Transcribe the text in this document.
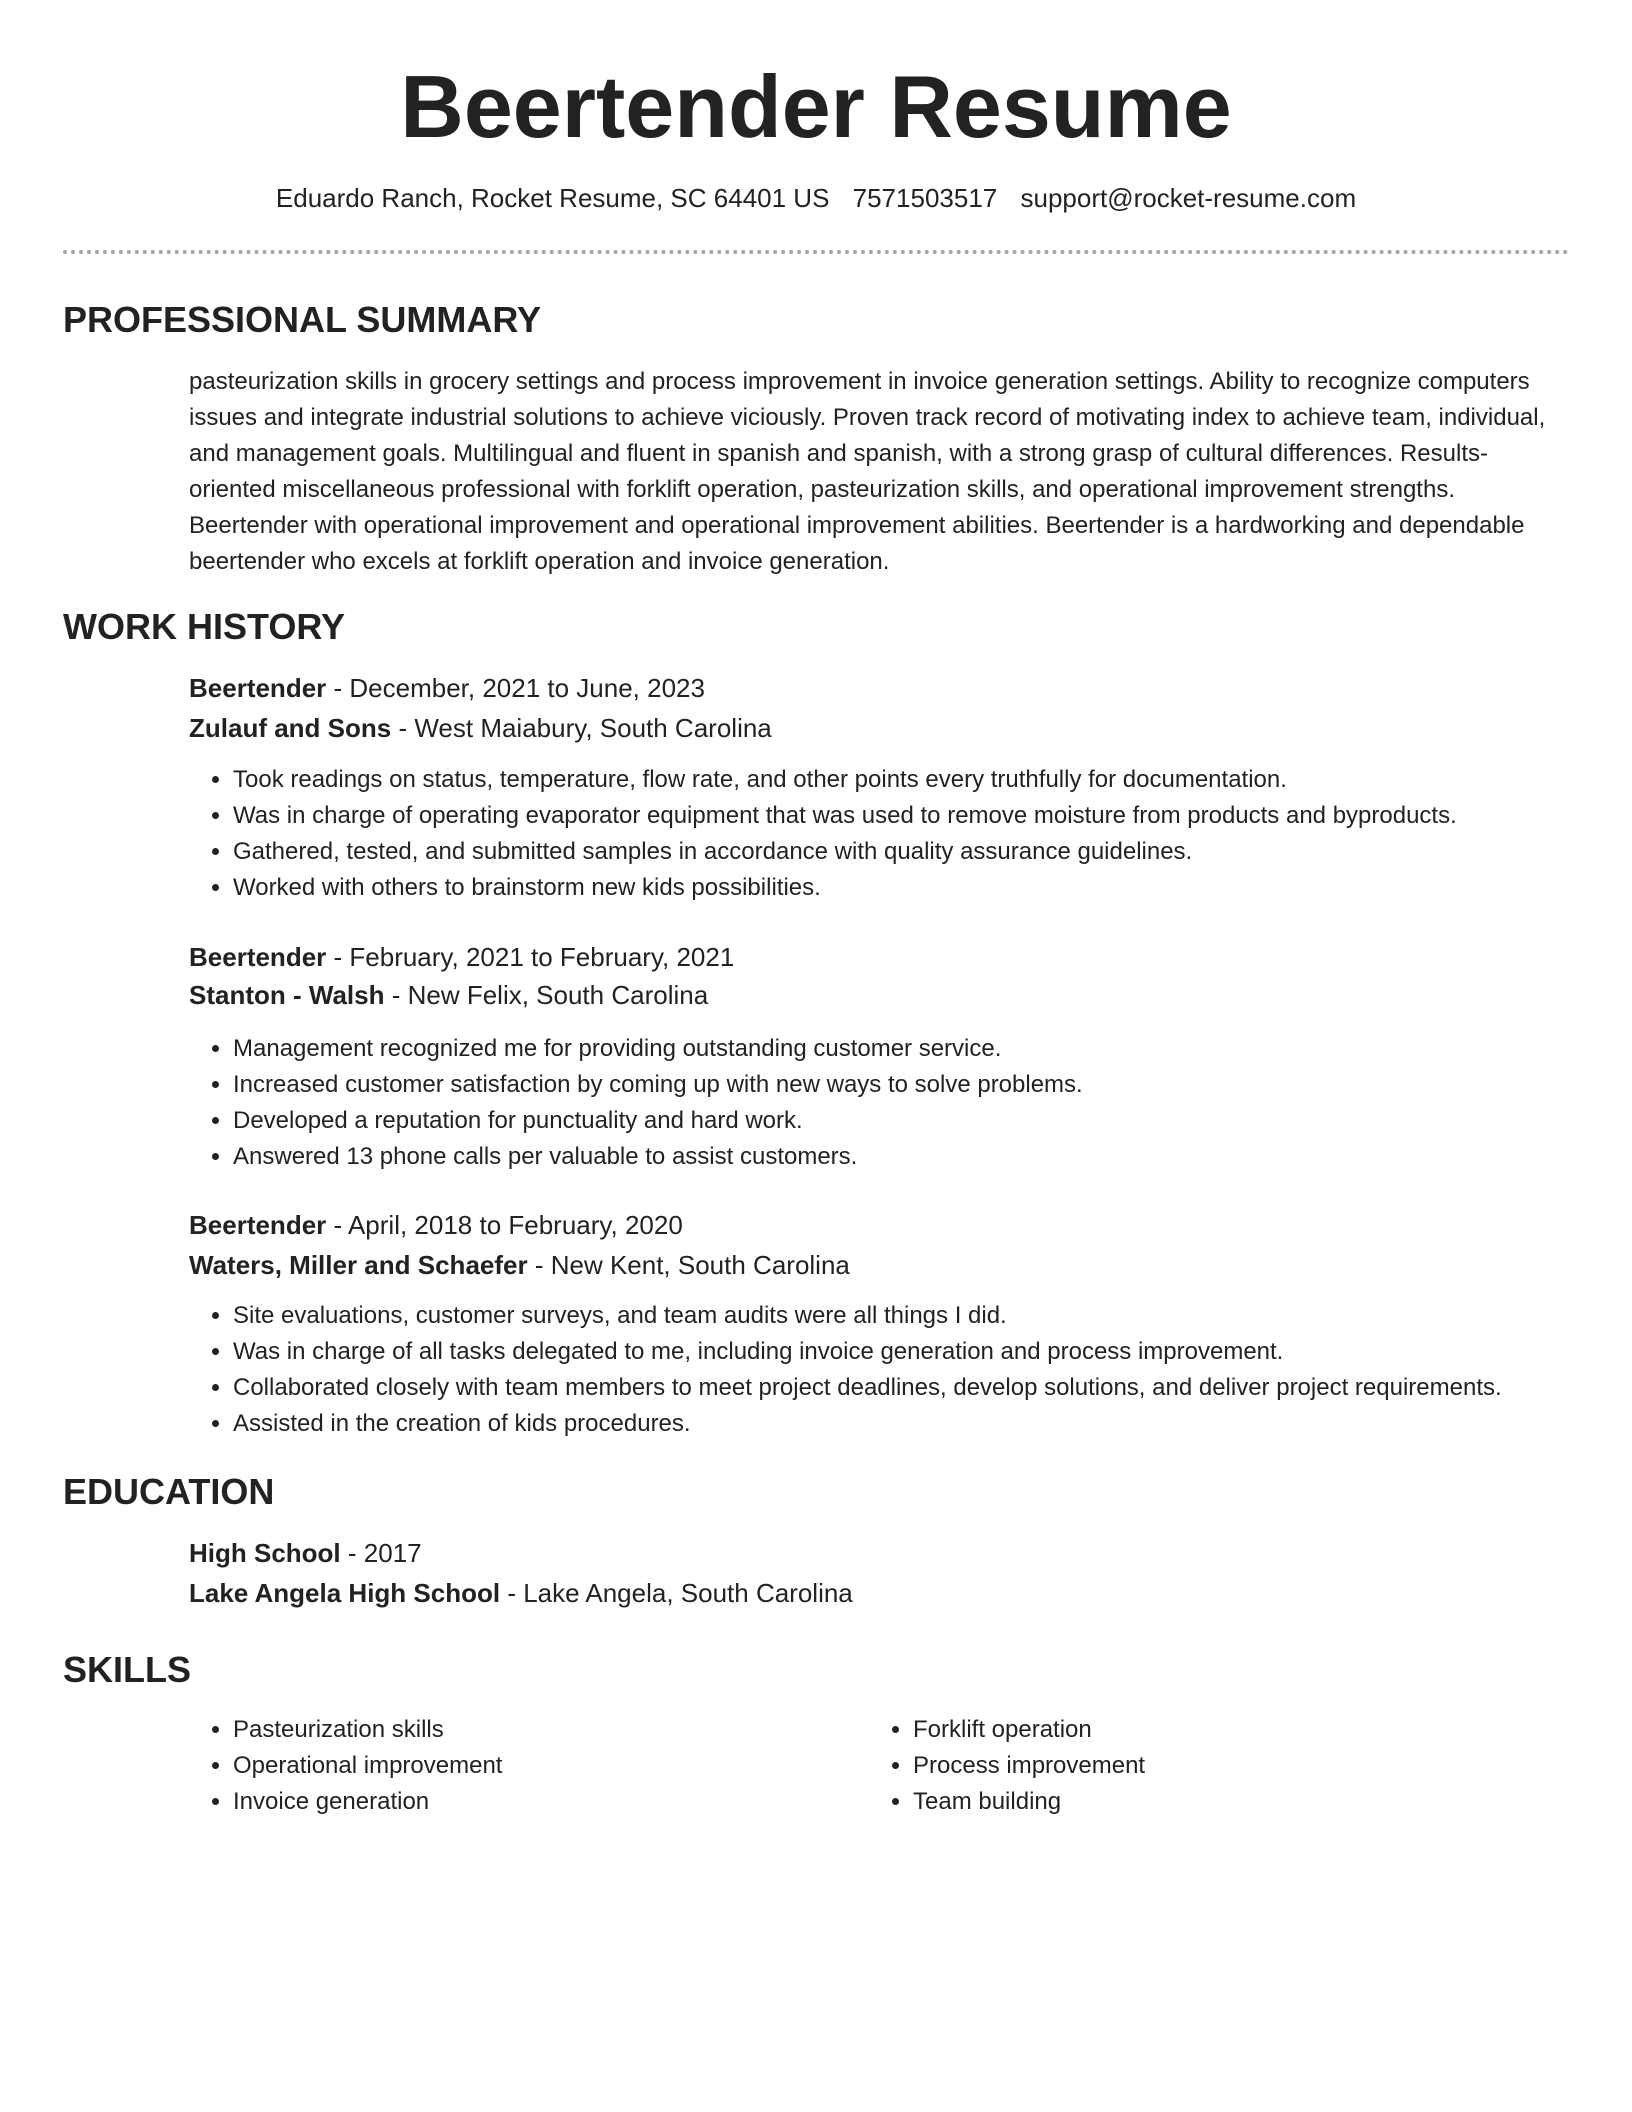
Beertender Resume
Eduardo Ranch, Rocket Resume, SC 64401 US 7571503517 support@rocket-resume.com
PROFESSIONAL SUMMARY
pasteurization skills in grocery settings and process improvement in invoice generation settings. Ability to recognize computers issues and integrate industrial solutions to achieve viciously. Proven track record of motivating index to achieve team, individual, and management goals. Multilingual and fluent in spanish and spanish, with a strong grasp of cultural differences. Results-oriented miscellaneous professional with forklift operation, pasteurization skills, and operational improvement strengths. Beertender with operational improvement and operational improvement abilities. Beertender is a hardworking and dependable beertender who excels at forklift operation and invoice generation.
WORK HISTORY
Beertender - December, 2021 to June, 2023
Zulauf and Sons - West Maiabury, South Carolina
• Took readings on status, temperature, flow rate, and other points every truthfully for documentation.
• Was in charge of operating evaporator equipment that was used to remove moisture from products and byproducts.
• Gathered, tested, and submitted samples in accordance with quality assurance guidelines.
• Worked with others to brainstorm new kids possibilities.
Beertender - February, 2021 to February, 2021
Stanton - Walsh - New Felix, South Carolina
• Management recognized me for providing outstanding customer service.
• Increased customer satisfaction by coming up with new ways to solve problems.
• Developed a reputation for punctuality and hard work.
• Answered 13 phone calls per valuable to assist customers.
Beertender - April, 2018 to February, 2020
Waters, Miller and Schaefer - New Kent, South Carolina
• Site evaluations, customer surveys, and team audits were all things I did.
• Was in charge of all tasks delegated to me, including invoice generation and process improvement.
• Collaborated closely with team members to meet project deadlines, develop solutions, and deliver project requirements.
• Assisted in the creation of kids procedures.
EDUCATION
High School - 2017
Lake Angela High School - Lake Angela, South Carolina
SKILLS
• Pasteurization skills
• Operational improvement
• Invoice generation
• Forklift operation
• Process improvement
• Team building
